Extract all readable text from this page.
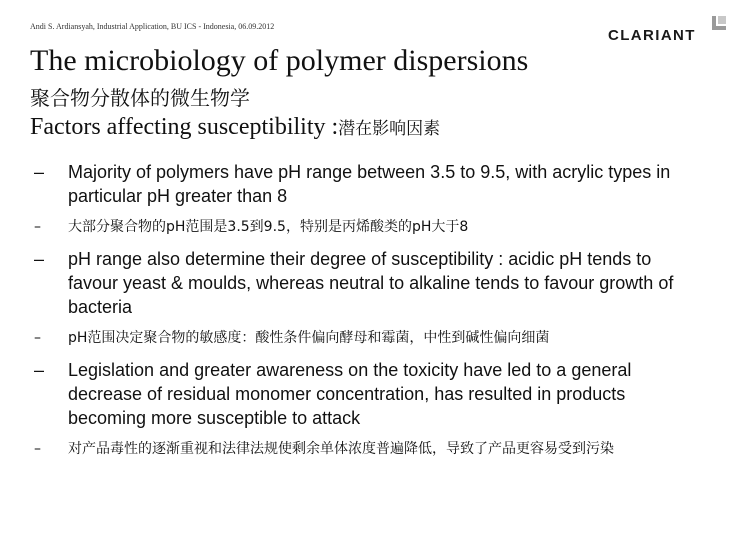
Andi S. Ardiansyah, Industrial Application, BU ICS - Indonesia, 06.09.2012
CLARIANT
The microbiology of polymer dispersions
聚合物分散体的微生物学
Factors affecting susceptibility :潜在影响因素
– Majority of polymers have pH range between 3.5 to 9.5, with acrylic types in particular pH greater than 8
– 大部分聚合物的pH范围是3.5到9.5，特别是丙烯酸类的pH大于8
– pH range also determine their degree of susceptibility : acidic pH tends to favour yeast & moulds, whereas neutral to alkaline tends to favour growth of bacteria
– pH范围决定聚合物的敏感度：酸性条件偏向酵母和霉菌，中性到碱性偏向细菌
– Legislation and greater awareness on the toxicity have led to a general decrease of residual monomer concentration, has resulted in products becoming more susceptible to attack
– 对产品毒性的逐渐重视和法律法规使剩余单体浓度普遍降低，导致了产品更容易受到污染
